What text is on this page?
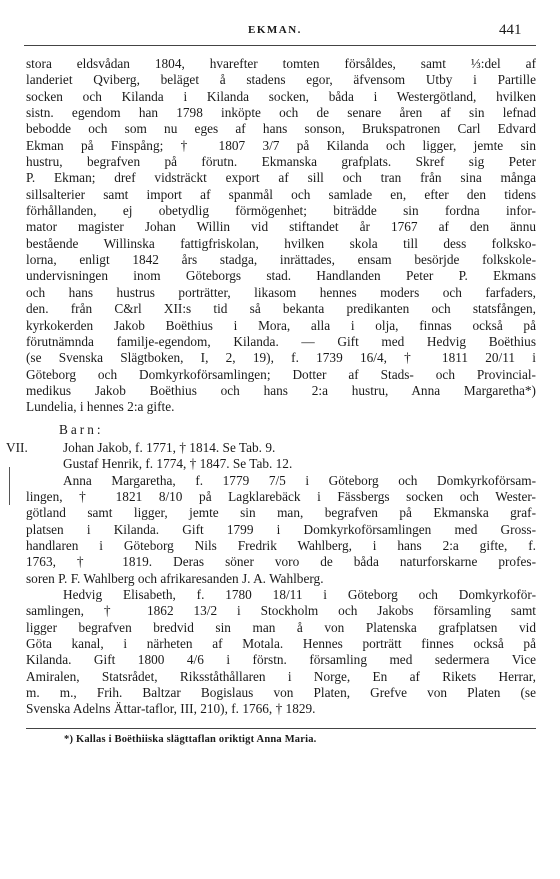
EKMAN.	441

stora eldsvådan 1804, hvarefter tomten försåldes, samt ⅓:del af

landeriet Qviberg, beläget å stadens egor, äfvensom Utby i Partille

socken och Kilanda i Kilanda socken, båda i Westergötland, hvilken

sistn. egendom han 1798 inköpte och de senare åren af sin lefnad

bebodde och som nu eges af hans sonson, Brukspatronen Carl Edvard

Ekman på Finspång; † 1807 3/7 på Kilanda och ligger, jemte sin

hustru, begrafven på förutn. Ekmanska grafplats. Skref sig Peter

P. Ekman; dref vidsträckt export af sill och tran från sina många

sillsalterier samt import af spanmål och samlade en, efter den tidens

förhållanden, ej obetydlig förmögenhet; biträdde sin fordna infor-

mator magister Johan Willin vid stiftandet år 1767 af den ännu

bestående Willinska fattigfriskolan, hvilken skola till dess folksko-

lorna, enligt 1842 års stadga, inrättades, ensam besörjde folkskole-

undervisningen inom Göteborgs stad. Handlanden Peter P. Ekmans

och hans hustrus porträtter, likasom hennes moders och farfaders,

den. från C&rl XII:s tid så bekanta predikanten och statsfången,

kyrkokerden Jakob Boëthius i Mora, alla i olja, finnas också på

förutnämnda familje-egendom, Kilanda. — Gift med Hedvig Boëthius

(se Svenska Slägtboken, I, 2, 19), f. 1739 16/4, † 1811 20/11 i

Göteborg och Domkyrkoförsamlingen; Dotter af Stads- och Provincial-

medikus Jakob Boëthius och hans 2:a hustru, Anna Margaretha*)

Lundelia, i hennes 2:a gifte.

Barn:

VII.	Johan Jakob, f. 1771, † 1814. Se Tab. 9.

Gustaf Henrik, f. 1774, † 1847. Se Tab. 12.

Anna Margaretha, f. 1779 7/5 i Göteborg och Domkyrkoförsam-

lingen, † 1821 8/10 på Lagklarebäck i Fässbergs socken och Wester-

götland samt ligger, jemte sin man, begrafven på Ekmanska graf-

platsen i Kilanda. Gift 1799 i Domkyrkoförsamlingen med Gross-

handlaren i Göteborg Nils Fredrik Wahlberg, i hans 2:a gifte, f.

1763, † 1819. Deras söner voro de båda naturforskarne profes-

soren P. F. Wahlberg och afrikaresanden J. A. Wahlberg.

Hedvig Elisabeth, f. 1780 18/11 i Göteborg och Domkyrkoför-

samlingen, † 1862 13/2 i Stockholm och Jakobs församling samt

ligger begrafven bredvid sin man å von Platenska grafplatsen vid

Göta kanal, i närheten af Motala. Hennes porträtt finnes också på

Kilanda. Gift 1800 4/6 i förstn. församling med sedermera Vice

Amiralen, Statsrådet, Riksståthållaren i Norge, En af Rikets Herrar,

m. m., Frih. Baltzar Bogislaus von Platen, Grefve von Platen (se

Svenska Adelns Ättar-taflor, III, 210), f. 1766, † 1829.

*) Kallas i Boëthiiska slägttaflan oriktigt Anna Maria.
